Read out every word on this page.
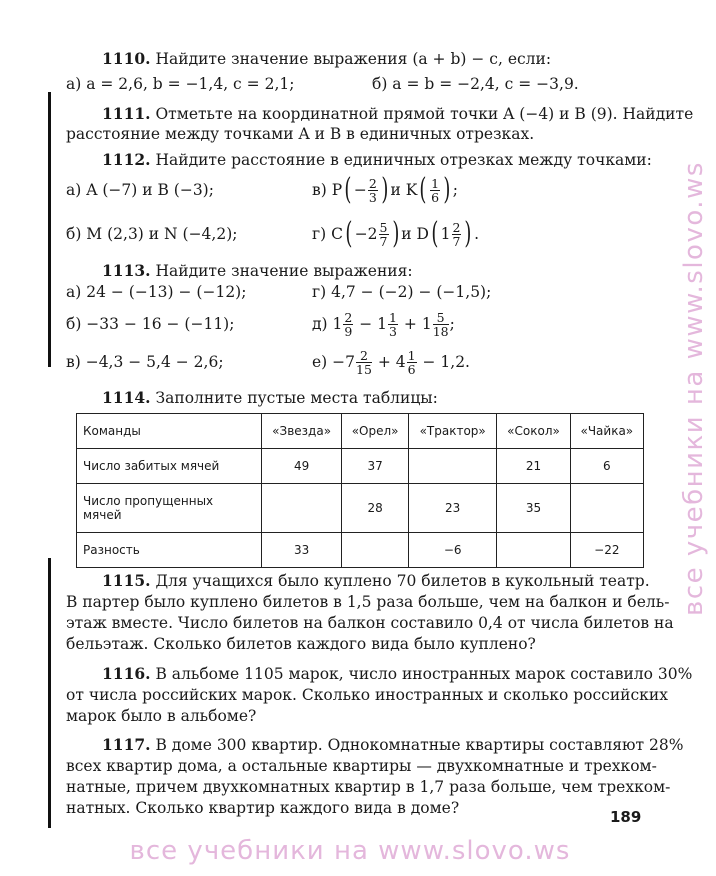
1110. Найдите значение выражения (a + b) − c, если:
а) a = 2,6, b = −1,4, c = 2,1;	б) a = b = −2,4, c = −3,9.
1111. Отметьте на координатной прямой точки A (−4) и B (9). Найдите
расстояние между точками A и B в единичных отрезках.
1112. Найдите расстояние в единичных отрезках между точками:
а) A (−7) и B (−3);	в) P ( − $\frac{2}{3}$ ) и K ( $\frac{1}{6}$ ) ;
б) M (2,3) и N (−4,2);	г) C ( $-2 \frac{5}{7}$ ) и D ( $1 \frac{2}{7}$ ) .
1113. Найдите значение выражения:
а) 24 − (−13) − (−12);	г) 4,7 − (−2) − (−1,5);
б) −33 − 16 − (−11);	д) $1 \frac{2}{9} - 1 \frac{1}{3} + 1 \frac{5}{18}$ ;
в) −4,3 − 5,4 − 2,6;	$е) -7 \frac{2}{15} + 4 \frac{1}{6} - 1,2$.
1114. Заполните пустые места таблицы:
Команды	«Звезда»	«Орел»	«Трактор»	«Сокол»	«Чайка»
Число забитых мячей	49	37		21	6
Число пропущенных мячей		28	23	35	
Разность	33		−6		−22
1115. Для учащихся было куплено 70 билетов в кукольный театр.
В партер было куплено билетов в 1,5 раза больше, чем на балкон и бель-
этаж вместе. Число билетов на балкон составило 0,4 от числа билетов на
бельэтаж. Сколько билетов каждого вида было куплено?
1116. В альбоме 1105 марок, число иностранных марок составило 30%
от числа российских марок. Сколько иностранных и сколько российских
марок было в альбоме?
1117. В доме 300 квартир. Однокомнатные квартиры составляют 28%
всех квартир дома, а остальные квартиры — двухкомнатные и трехком-
натные, причем двухкомнатных квартир в 1,7 раза больше, чем трехком-
натных. Сколько квартир каждого вида в доме?	189
все учебники на www.slovo.ws
все учебники на www.slovo.ws
